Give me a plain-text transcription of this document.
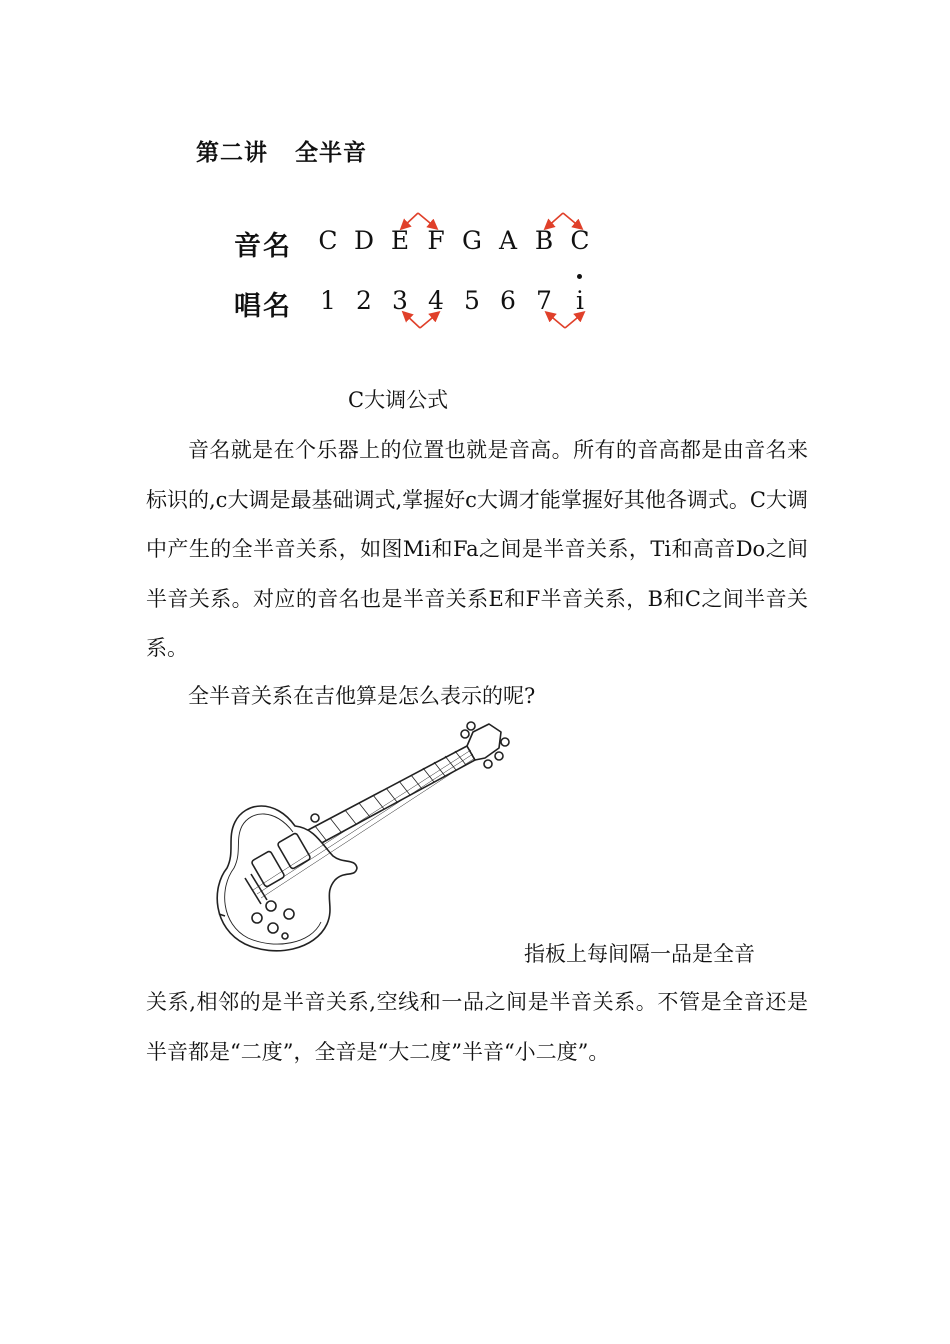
第二讲   全半音
音名 C D E F G A B C
唱名	1 2 3 4 5 6 7 i
C大调公式

音名就是在个乐器上的位置也就是音高。所有的音高都是由音名来标识的,c大调是最基础调式,掌握好c大调才能掌握好其他各调式。C大调中产生的全半音关系，如图Mi和Fa之间是半音关系，Ti和高音Do之间半音关系。对应的音名也是半音关系E和F半音关系，B和C之间半音关系。

全半音关系在吉他算是怎么表示的呢?

指板上每间隔一品是全音

关系,相邻的是半音关系,空线和一品之间是半音关系。不管是全音还是半音都是“二度”，全音是“大二度”半音“小二度”。
